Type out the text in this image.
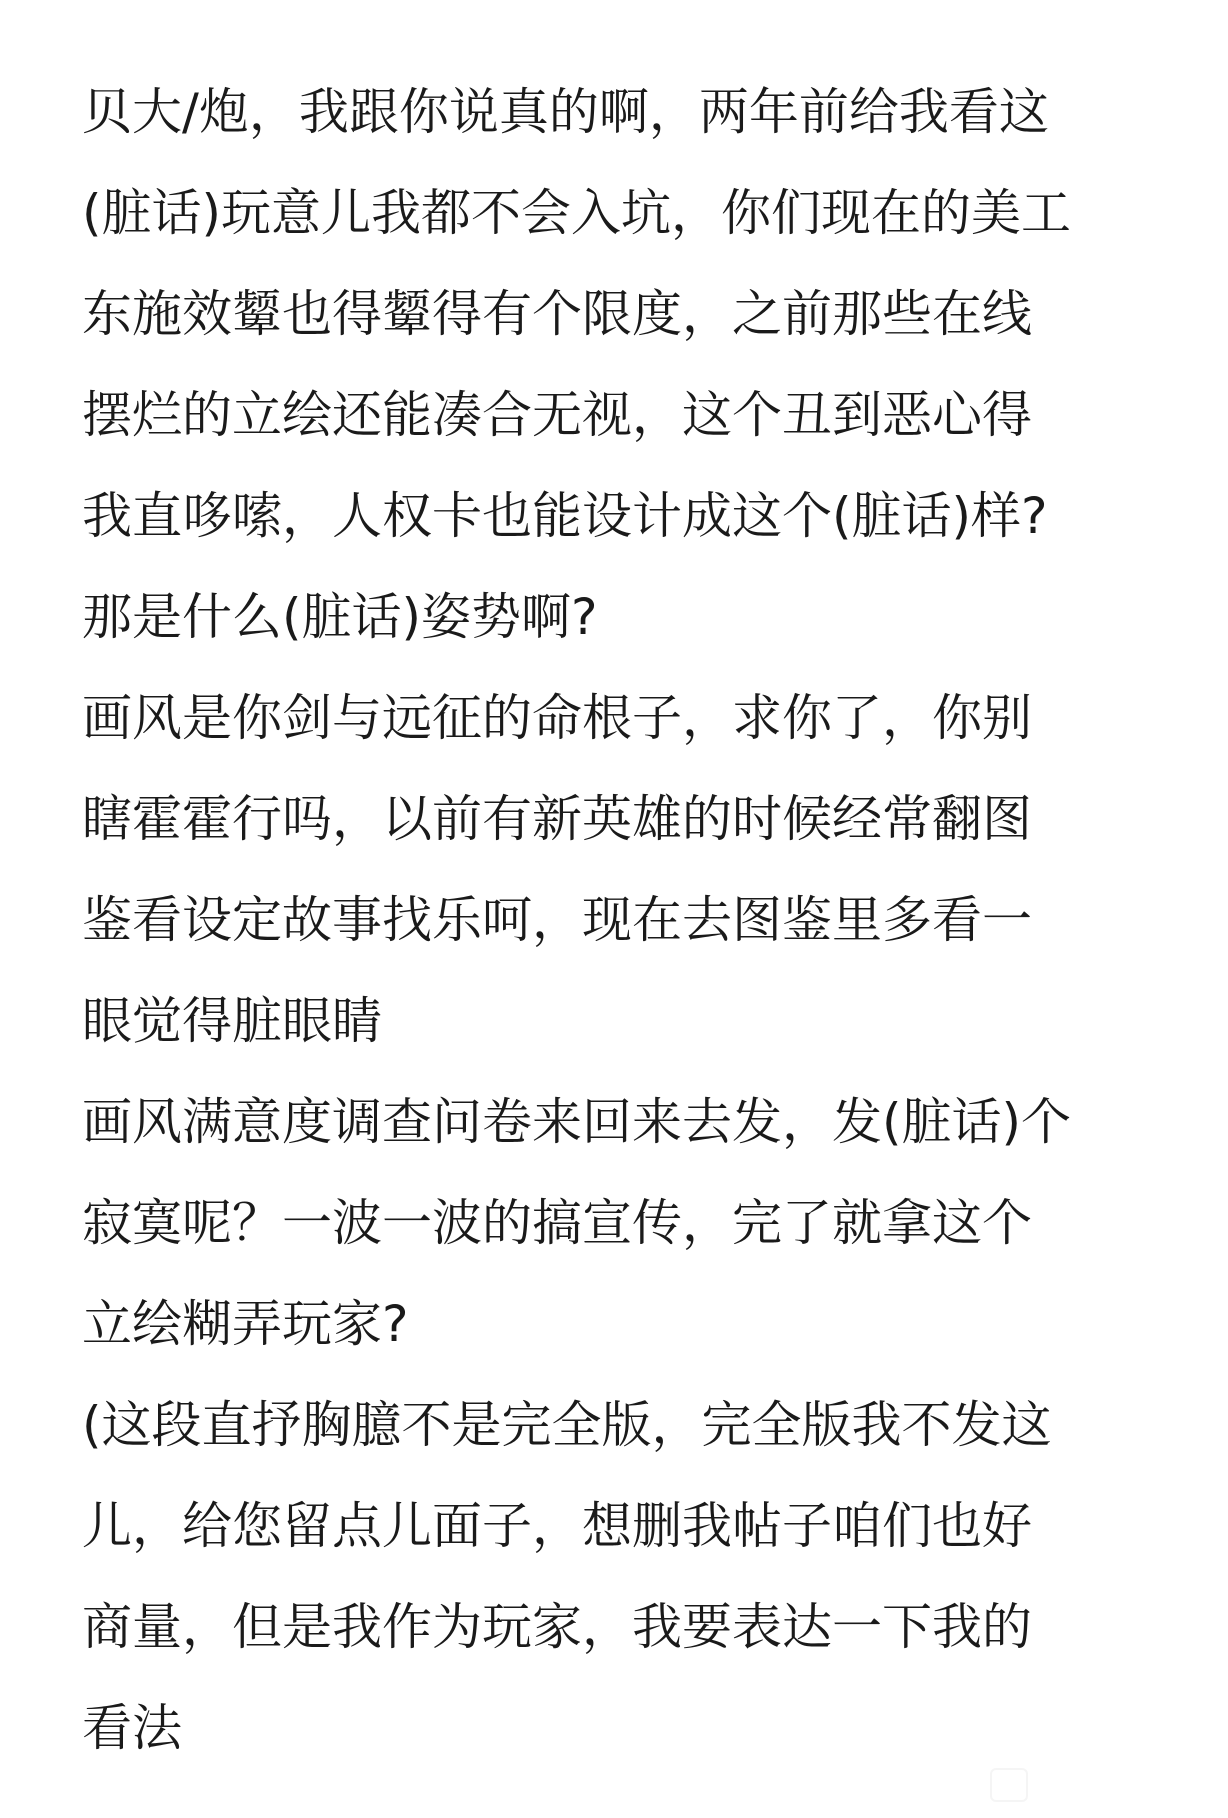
贝大/炮，我跟你说真的啊，两年前给我看这
(脏话)玩意儿我都不会入坑，你们现在的美工
东施效颦也得颦得有个限度，之前那些在线
摆烂的立绘还能凑合无视，这个丑到恶心得
我直哆嗦，人权卡也能设计成这个(脏话)样?
那是什么(脏话)姿势啊?
画风是你剑与远征的命根子，求你了，你别
瞎霍霍行吗，以前有新英雄的时候经常翻图
鉴看设定故事找乐呵，现在去图鉴里多看一
眼觉得脏眼睛
画风满意度调查问卷来回来去发，发(脏话)个
寂寞呢？一波一波的搞宣传，完了就拿这个
立绘糊弄玩家?
(这段直抒胸臆不是完全版，完全版我不发这
儿，给您留点儿面子，想删我帖子咱们也好
商量，但是我作为玩家，我要表达一下我的
看法
